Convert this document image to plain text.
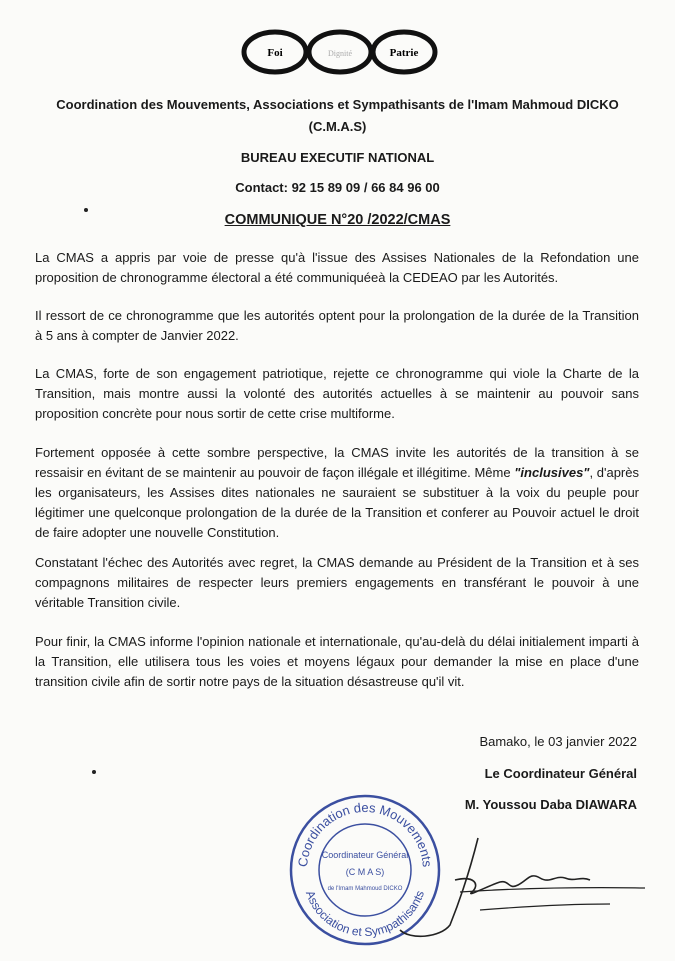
Foi	Dignité	Patrie
Coordination des Mouvements, Associations et Sympathisants de l'Imam Mahmoud DICKO
(C.M.A.S)
BUREAU EXECUTIF NATIONAL
Contact: 92 15 89 09 / 66 84 96 00
COMMUNIQUE N°20 /2022/CMAS
La CMAS a appris par voie de presse qu'à l'issue des Assises Nationales de la Refondation une proposition de chronogramme électoral a été communiquéeà la CEDEAO par les Autorités.
Il ressort de ce chronogramme que les autorités optent pour la prolongation de la durée de la Transition à 5 ans à compter de Janvier 2022.
La CMAS, forte de son engagement patriotique, rejette ce chronogramme qui viole la Charte de la Transition, mais montre aussi la volonté des autorités actuelles à se maintenir au pouvoir sans proposition concrète pour nous sortir de cette crise multiforme.
Fortement opposée à cette sombre perspective, la CMAS invite les autorités de la transition à se ressaisir en évitant de se maintenir au pouvoir de façon illégale et illégitime. Même "inclusives", d'après les organisateurs, les Assises dites nationales ne sauraient se substituer à la voix du peuple pour légitimer une quelconque prolongation de la durée de la Transition et conferer au Pouvoir actuel le droit de faire adopter une nouvelle Constitution.
Constatant l'échec des Autorités avec regret, la CMAS demande au Président de la Transition et à ses compagnons militaires de respecter leurs premiers engagements en transférant le pouvoir à une véritable Transition civile.
Pour finir, la CMAS informe l'opinion nationale et internationale, qu'au-delà du délai initialement imparti à la Transition, elle utilisera tous les voies et moyens légaux pour demander la mise en place d'une transition civile afin de sortir notre pays de la situation désastreuse qu'il vit.
Bamako, le 03 janvier 2022
Le Coordinateur Général
M. Youssou Daba DIAWARA
Coordination des Mouvements
Association et Sympathisants
Coordinateur Général
(C M A S)
de l'Imam Mahmoud DICKO
